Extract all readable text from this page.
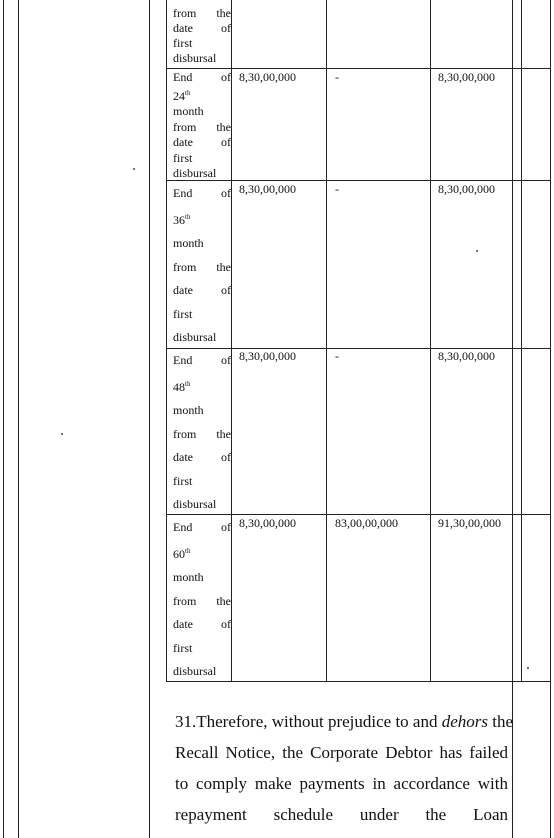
from the
date of
first
disbursal
End of
24th
month
from the
date of
first
disbursal
8,30,00,000	-	8,30,00,000
End of
36th
month
from the
date of
first
disbursal
8,30,00,000	-	8,30,00,000
End of
48th
month
from the
date of
first
disbursal
8,30,00,000	-	8,30,00,000
End of
60th
month
from the
date of
first
disbursal
8,30,00,000	83,00,00,000	91,30,00,000
31.Therefore, without prejudice to and dehors the
Recall Notice, the Corporate Debtor has failed
to comply make payments in accordance with
repayment schedule under the Loan
